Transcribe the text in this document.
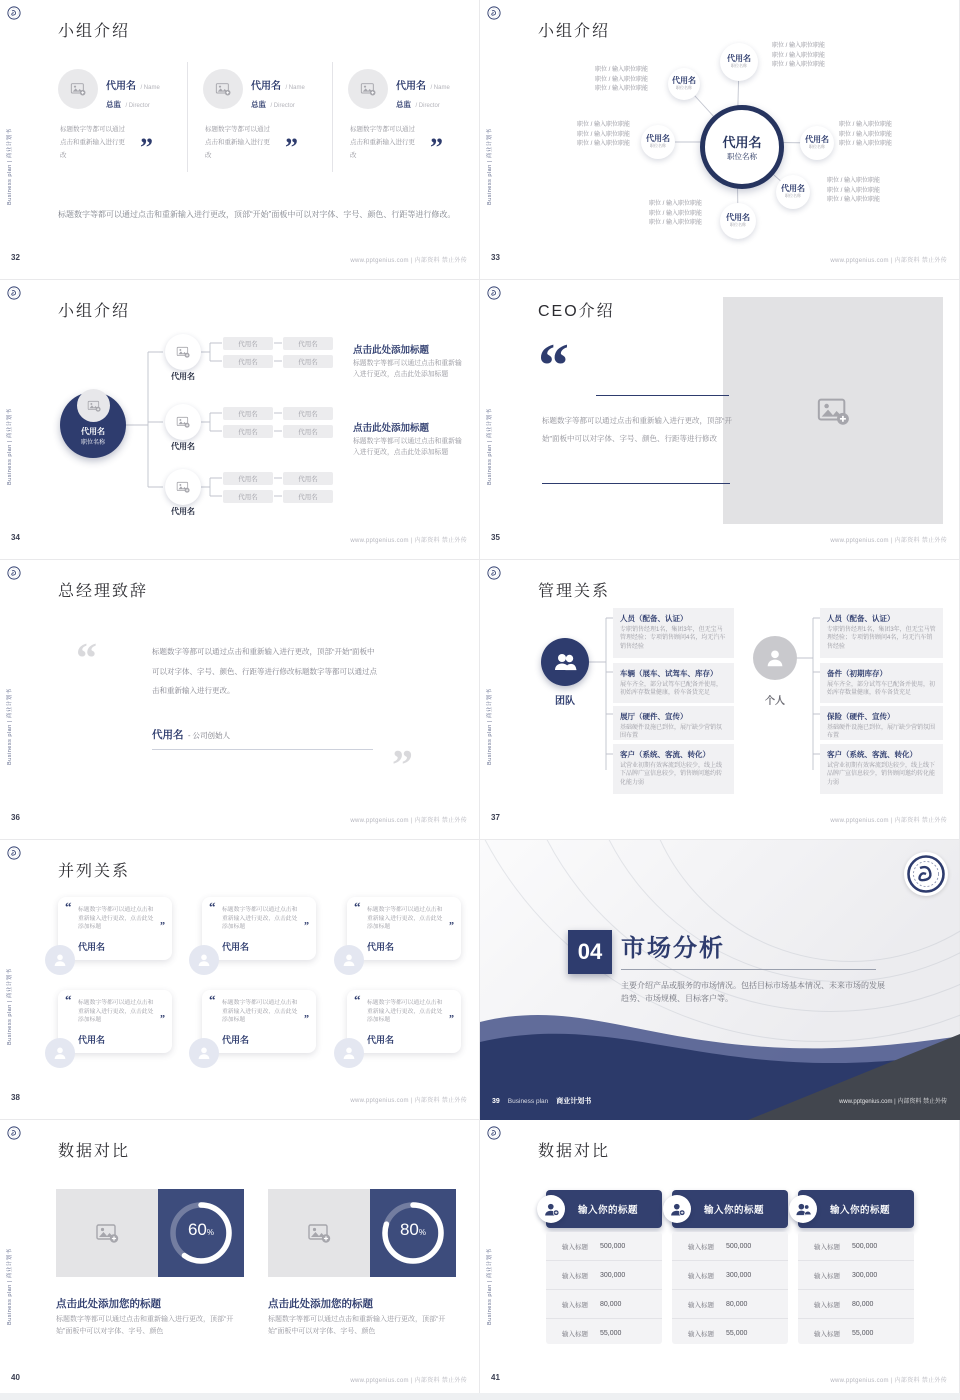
Business plan | 商业计划书
小组介绍
代用名 / Name
总监 / Director
标题数字等都可以通过点击和重新输入进行更改	”
代用名 / Name
总监 / Director
标题数字等都可以通过点击和重新输入进行更改	”
代用名 / Name
总监 / Director
标题数字等都可以通过点击和重新输入进行更改	”

标题数字等都可以通过点击和重新输入进行更改，顶部“开始”面板中可以对字体、字号、颜色、行距等进行修改。

32	www.pptgenius.com | 内部资料 禁止外传
Business plan | 商业计划书
小组介绍
代用名
职位名称
代用名
职位名称
代用名
职位名称
代用名
职位名称
代用名
职位名称
代用名
职位名称
代用名
职位名称
职位 / 输入职位职能
职位 / 输入职位职能
职位 / 输入职位职能
职位 / 输入职位职能
职位 / 输入职位职能
职位 / 输入职位职能
职位 / 输入职位职能
职位 / 输入职位职能
职位 / 输入职位职能
职位 / 输入职位职能
职位 / 输入职位职能
职位 / 输入职位职能
职位 / 输入职位职能
职位 / 输入职位职能
职位 / 输入职位职能
职位 / 输入职位职能
职位 / 输入职位职能
职位 / 输入职位职能
33	www.pptgenius.com | 内部资料 禁止外传
Business plan | 商业计划书
小组介绍
代用名
职位名称
代用名
代用名
代用名
代用名	代用名
代用名	代用名
代用名	代用名
代用名	代用名
代用名	代用名
代用名	代用名
点击此处添加标题
标题数字等都可以通过点击和重新输入进行更改，点击此处添加标题
点击此处添加标题
标题数字等都可以通过点击和重新输入进行更改，点击此处添加标题
34	www.pptgenius.com | 内部资料 禁止外传
Business plan | 商业计划书
CEO介绍
“
标题数字等都可以通过点击和重新输入进行更改，顶部“开始”面板中可以对字体、字号、颜色、行距等进行修改
35	www.pptgenius.com | 内部资料 禁止外传
Business plan | 商业计划书
总经理致辞
“	标题数字等都可以通过点击和重新输入进行更改，顶部“开始”面板中可以对字体、字号、颜色、行距等进行修改标题数字等都可以通过点击和重新输入进行更改。
代用名 - 公司创始人
”
36	www.pptgenius.com | 内部资料 禁止外传
Business plan | 商业计划书
管理关系
团队	个人
人员（配备、认证）
专职销售经理1名，集团3年，但无宝马管理经验；专项销售顾问4名，均无汽车销售经验
车辆（展车、试驾车、库存）
展车齐全，部分试驾车已配备并使用，初始库存数量健康，轿车备货充足
展厅（硬件、宣传）
基础硬件设施已到位，展厅缺少营销氛围布置
客户（系统、客流、转化）
试营业初期有效客流到达较少，线上线下品牌广宣信息较少，销售顾问邀约转化能力弱
人员（配备、认证）
专职销售经理1名，集团3年，但无宝马管理经验；专项销售顾问4名，均无汽车销售经验
备件（初期库存）
展车齐全，部分试驾车已配备并使用，初始库存数量健康，轿车备货充足
保险（硬件、宣传）
基础硬件设施已到位，展厅缺少营销氛围布置
客户（系统、客流、转化）
试营业初期有效客流到达较少，线上线下品牌广宣信息较少，销售顾问邀约转化能力弱
37	www.pptgenius.com | 内部资料 禁止外传
Business plan | 商业计划书
并列关系
“ 标题数字等都可以通过点击和重新输入进行更改，点击此处添加标题	”
代用名
“ 标题数字等都可以通过点击和重新输入进行更改，点击此处添加标题	”
代用名
“ 标题数字等都可以通过点击和重新输入进行更改，点击此处添加标题	”
代用名
“ 标题数字等都可以通过点击和重新输入进行更改，点击此处添加标题	”
代用名
“ 标题数字等都可以通过点击和重新输入进行更改，点击此处添加标题	”
代用名
“ 标题数字等都可以通过点击和重新输入进行更改，点击此处添加标题	”
代用名
38	www.pptgenius.com | 内部资料 禁止外传
04 市场分析
主要介绍产品或服务的市场情况。包括目标市场基本情况、未来市场的发展趋势、市场规模、目标客户等。
39 Business plan 商业计划书	www.pptgenius.com | 内部资料 禁止外传
Business plan | 商业计划书
数据对比
60 %
点击此处添加您的标题
标题数字等都可以通过点击和重新输入进行更改，顶部“开始”面板中可以对字体、字号、颜色
80 %
点击此处添加您的标题
标题数字等都可以通过点击和重新输入进行更改，顶部“开始”面板中可以对字体、字号、颜色
40	www.pptgenius.com | 内部资料 禁止外传
Business plan | 商业计划书
数据对比
输入你的标题
输入标题	500,000
输入标题	300,000
输入标题	80,000
输入标题	55,000
输入你的标题
输入标题	500,000
输入标题	300,000
输入标题	80,000
输入标题	55,000
输入你的标题
输入标题	500,000
输入标题	300,000
输入标题	80,000
输入标题	55,000
41	www.pptgenius.com | 内部资料 禁止外传
